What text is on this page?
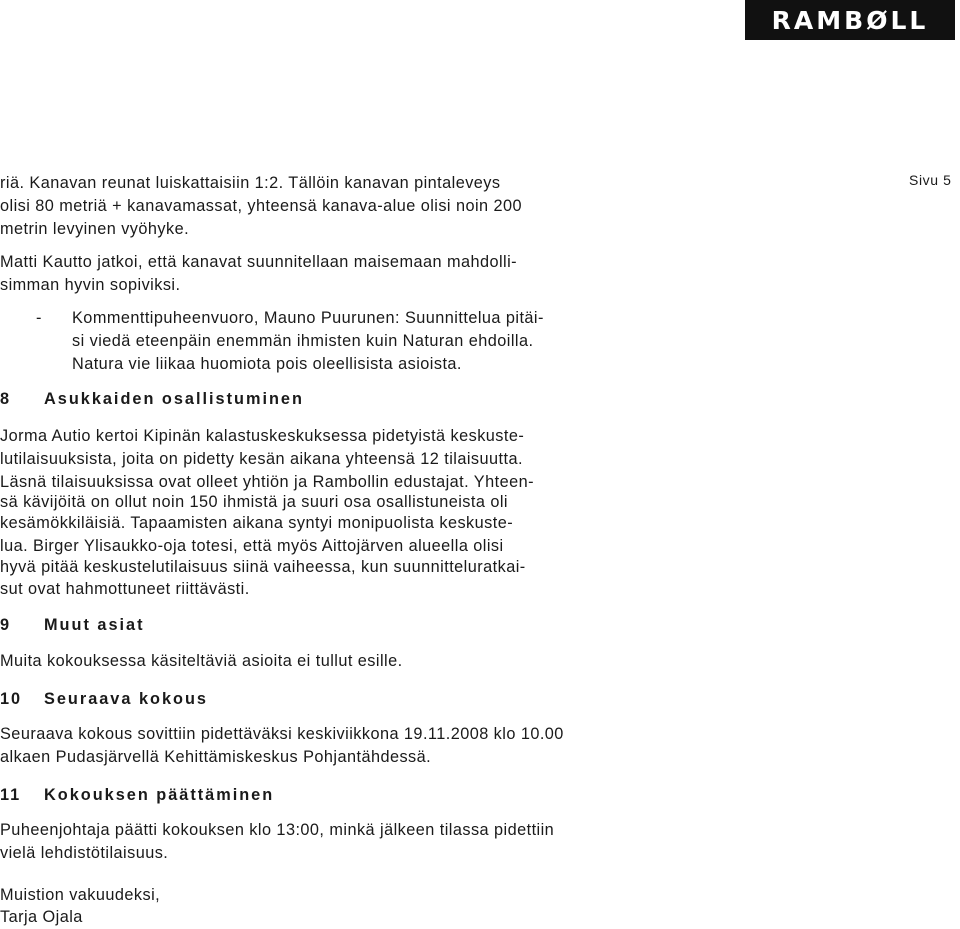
RAMBØLL
Sivu 5
riä. Kanavan reunat luiskattaisiin 1:2. Tällöin kanavan pintaleveys
olisi 80 metriä + kanavamassat, yhteensä kanava-alue olisi noin 200
metrin levyinen vyöhyke.
Matti Kautto jatkoi, että kanavat suunnitellaan maisemaan mahdolli-
simman hyvin sopiviksi.
- Kommenttipuheenvuoro, Mauno Puurunen: Suunnittelua pitäi-
si viedä eteenpäin enemmän ihmisten kuin Naturan ehdoilla.
Natura vie liikaa huomiota pois oleellisista asioista.
8 Asukkaiden osallistuminen
Jorma Autio kertoi Kipinän kalastuskeskuksessa pidetyistä keskuste-
lutilaisuuksista, joita on pidetty kesän aikana yhteensä 12 tilaisuutta.
Läsnä tilaisuuksissa ovat olleet yhtiön ja Rambollin edustajat. Yhteen-
sä kävijöitä on ollut noin 150 ihmistä ja suuri osa osallistuneista oli
kesämökkiläisiä. Tapaamisten aikana syntyi monipuolista keskuste-
lua. Birger Ylisaukko-oja totesi, että myös Aittojärven alueella olisi
hyvä pitää keskustelutilaisuus siinä vaiheessa, kun suunnitteluratkai-
sut ovat hahmottuneet riittävästi.
9 Muut asiat
Muita kokouksessa käsiteltäviä asioita ei tullut esille.
10 Seuraava kokous
Seuraava kokous sovittiin pidettäväksi keskiviikkona 19.11.2008 klo 10.00
alkaen Pudasjärvellä Kehittämiskeskus Pohjantähdessä.
11 Kokouksen päättäminen
Puheenjohtaja päätti kokouksen klo 13:00, minkä jälkeen tilassa pidettiin
vielä lehdistötilaisuus.
Muistion vakuudeksi,
Tarja Ojala
